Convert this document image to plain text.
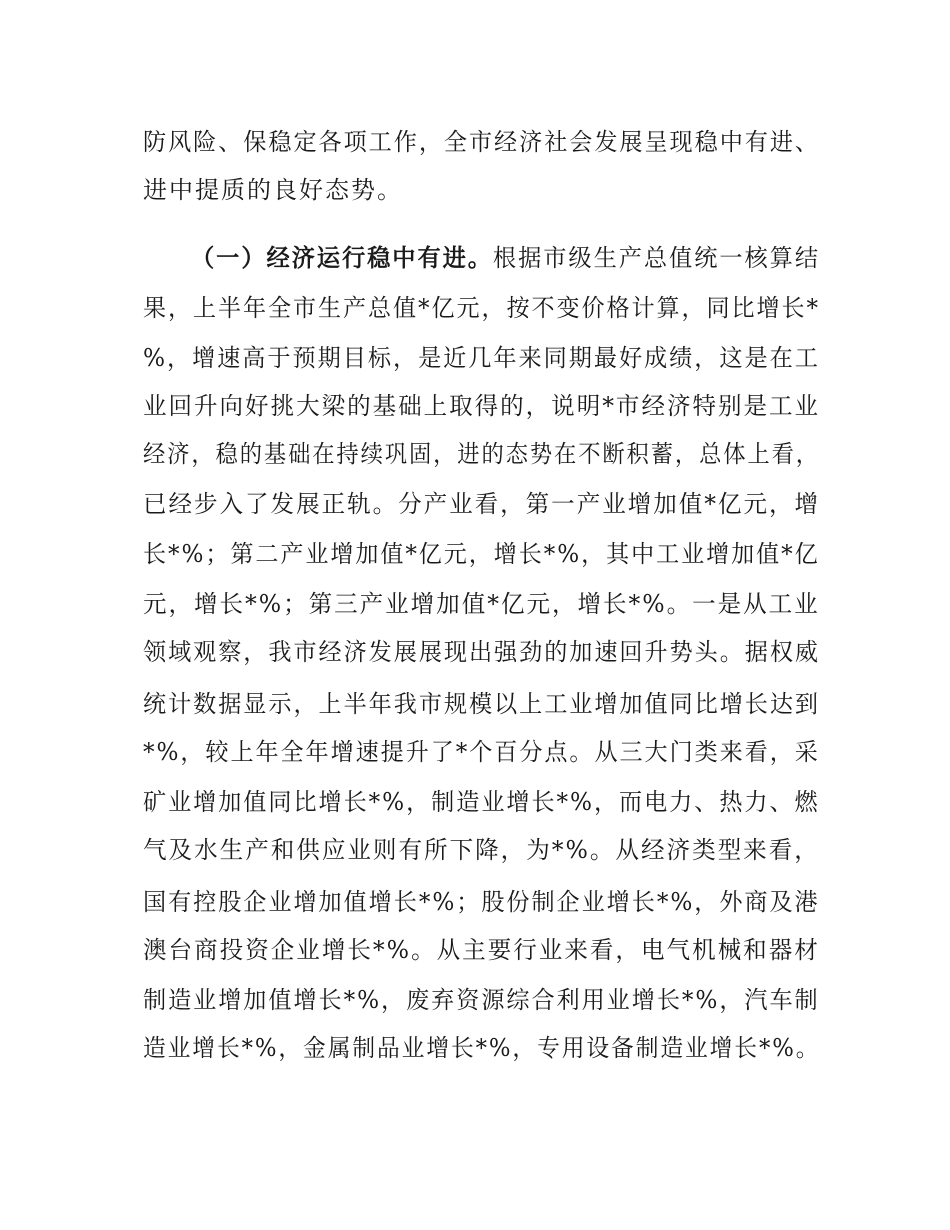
防风险、保稳定各项工作，全市经济社会发展呈现稳中有进、
进中提质的良好态势。
（一）经济运行稳中有进。根据市级生产总值统一核算结
果，上半年全市生产总值*亿元，按不变价格计算，同比增长*
%，增速高于预期目标，是近几年来同期最好成绩，这是在工
业回升向好挑大梁的基础上取得的，说明*市经济特别是工业
经济，稳的基础在持续巩固，进的态势在不断积蓄，总体上看，
已经步入了发展正轨。分产业看，第一产业增加值*亿元，增
长*%；第二产业增加值*亿元，增长*%，其中工业增加值*亿
元，增长*%；第三产业增加值*亿元，增长*%。一是从工业
领域观察，我市经济发展展现出强劲的加速回升势头。据权威
统计数据显示，上半年我市规模以上工业增加值同比增长达到
*%，较上年全年增速提升了*个百分点。从三大门类来看，采
矿业增加值同比增长*%，制造业增长*%，而电力、热力、燃
气及水生产和供应业则有所下降，为*%。从经济类型来看，
国有控股企业增加值增长*%；股份制企业增长*%，外商及港
澳台商投资企业增长*%。从主要行业来看，电气机械和器材
制造业增加值增长*%，废弃资源综合利用业增长*%，汽车制
造业增长*%，金属制品业增长*%，专用设备制造业增长*%。
